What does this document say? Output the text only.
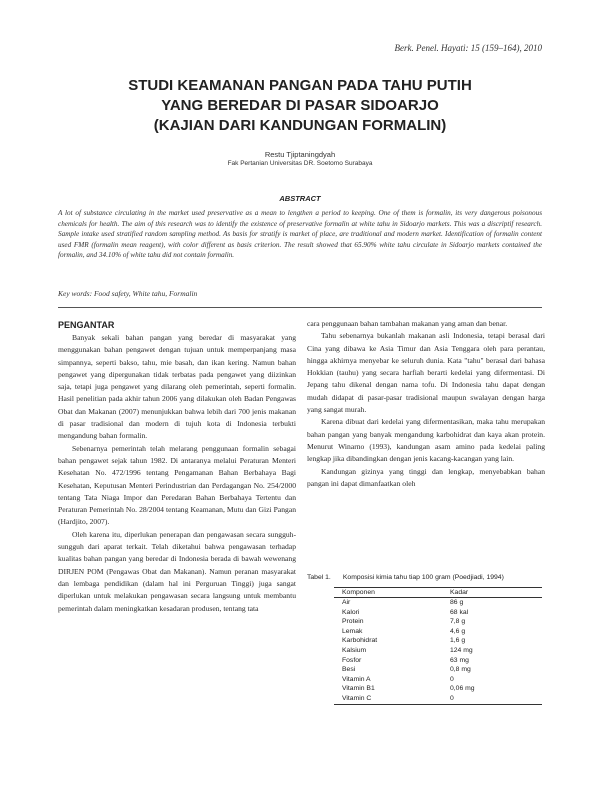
Berk. Penel. Hayati: 15 (159–164), 2010
STUDI KEAMANAN PANGAN PADA TAHU PUTIH
YANG BEREDAR DI PASAR SIDOARJO
(KAJIAN DARI KANDUNGAN FORMALIN)
Restu Tjiptaningdyah
Fak Pertanian Universitas DR. Soetomo Surabaya
ABSTRACT
A lot of substance circulating in the market used preservative as a mean to lengthen a period to keeping. One of them is formalin, its very dangerous poisonous chemicals for health. The aim of this research was to identify the existence of preservative formalin at white tahu in Sidoarjo markets. This was a discriptif research. Sample intake used stratified random sampling method. As basis for stratify is market of place, are traditional and modern market. Identification of formalin content used FMR (formalin mean reagent), with color different as basis criterion. The result showed that 65.90% white tahu circulate in Sidoarjo markets contained the formalin, and 34.10% of white tahu did not contain formalin.
Key words: Food safety, White tahu, Formalin
PENGANTAR

Banyak sekali bahan pangan yang beredar di masyarakat yang menggunakan bahan pengawet dengan tujuan untuk memperpanjang masa simpannya, seperti bakso, tahu, mie basah, dan ikan kering. Namun bahan pengawet yang dipergunakan tidak terbatas pada pengawet yang diizinkan saja, tetapi juga pengawet yang dilarang oleh pemerintah, seperti formalin. Hasil penelitian pada akhir tahun 2006 yang dilakukan oleh Badan Pengawas Obat dan Makanan (2007) menunjukkan bahwa lebih dari 700 jenis makanan di pasar tradisional dan modern di tujuh kota di Indonesia terbukti mengandung bahan formalin.

Sebenarnya pemerintah telah melarang penggunaan formalin sebagai bahan pengawet sejak tahun 1982. Di antaranya melalui Peraturan Menteri Kesehatan No. 472/1996 tentang Pengamanan Bahan Berbahaya Bagi Kesehatan, Keputusan Menteri Perindustrian dan Perdagangan No. 254/2000 tentang Tata Niaga Impor dan Peredaran Bahan Berbahaya Tertentu dan Peraturan Pemerintah No. 28/2004 tentang Keamanan, Mutu dan Gizi Pangan (Hardjito, 2007).

Oleh karena itu, diperlukan penerapan dan pengawasan secara sungguh-sungguh dari aparat terkait. Telah diketahui bahwa pengawasan terhadap kualitas bahan pangan yang beredar di Indonesia berada di bawah wewenang DIRJEN POM (Pengawas Obat dan Makanan). Namun peranan masyarakat dan lembaga pendidikan (dalam hal ini Perguruan Tinggi) juga sangat diperlukan untuk melakukan pengawasan secara langsung untuk membantu pemerintah dalam meningkatkan kesadaran produsen, tentang tata

cara penggunaan bahan tambahan makanan yang aman dan benar.

Tahu sebenarnya bukanlah makanan asli Indonesia, tetapi berasal dari Cina yang dibawa ke Asia Timur dan Asia Tenggara oleh para perantau, hingga akhirnya menyebar ke seluruh dunia. Kata "tahu" berasal dari bahasa Hokkian (tauhu) yang secara harfiah berarti kedelai yang difermentasi. Di Jepang tahu dikenal dengan nama tofu. Di Indonesia tahu dapat dengan mudah didapat di pasar-pasar tradisional maupun swalayan dengan harga yang sangat murah.

Karena dibuat dari kedelai yang difermentasikan, maka tahu merupakan bahan pangan yang banyak mengandung karbohidrat dan kaya akan protein. Menurut Winarno (1993), kandungan asam amino pada kedelai paling lengkap jika dibandingkan dengan jenis kacang-kacangan yang lain.

Kandungan gizinya yang tinggi dan lengkap, menyebabkan bahan pangan ini dapat dimanfaatkan oleh

Tabel 1. Komposisi kimia tahu tiap 100 gram (Poedjiadi, 1994)
Komponen	Kadar
Air	86 g
Kalori	68 kal
Protein	7,8 g
Lemak	4,6 g
Karbohidrat	1,6 g
Kalsium	124 mg
Fosfor	63 mg
Besi	0,8 mg
Vitamin A	0
Vitamin B1	0,06 mg
Vitamin C	0
